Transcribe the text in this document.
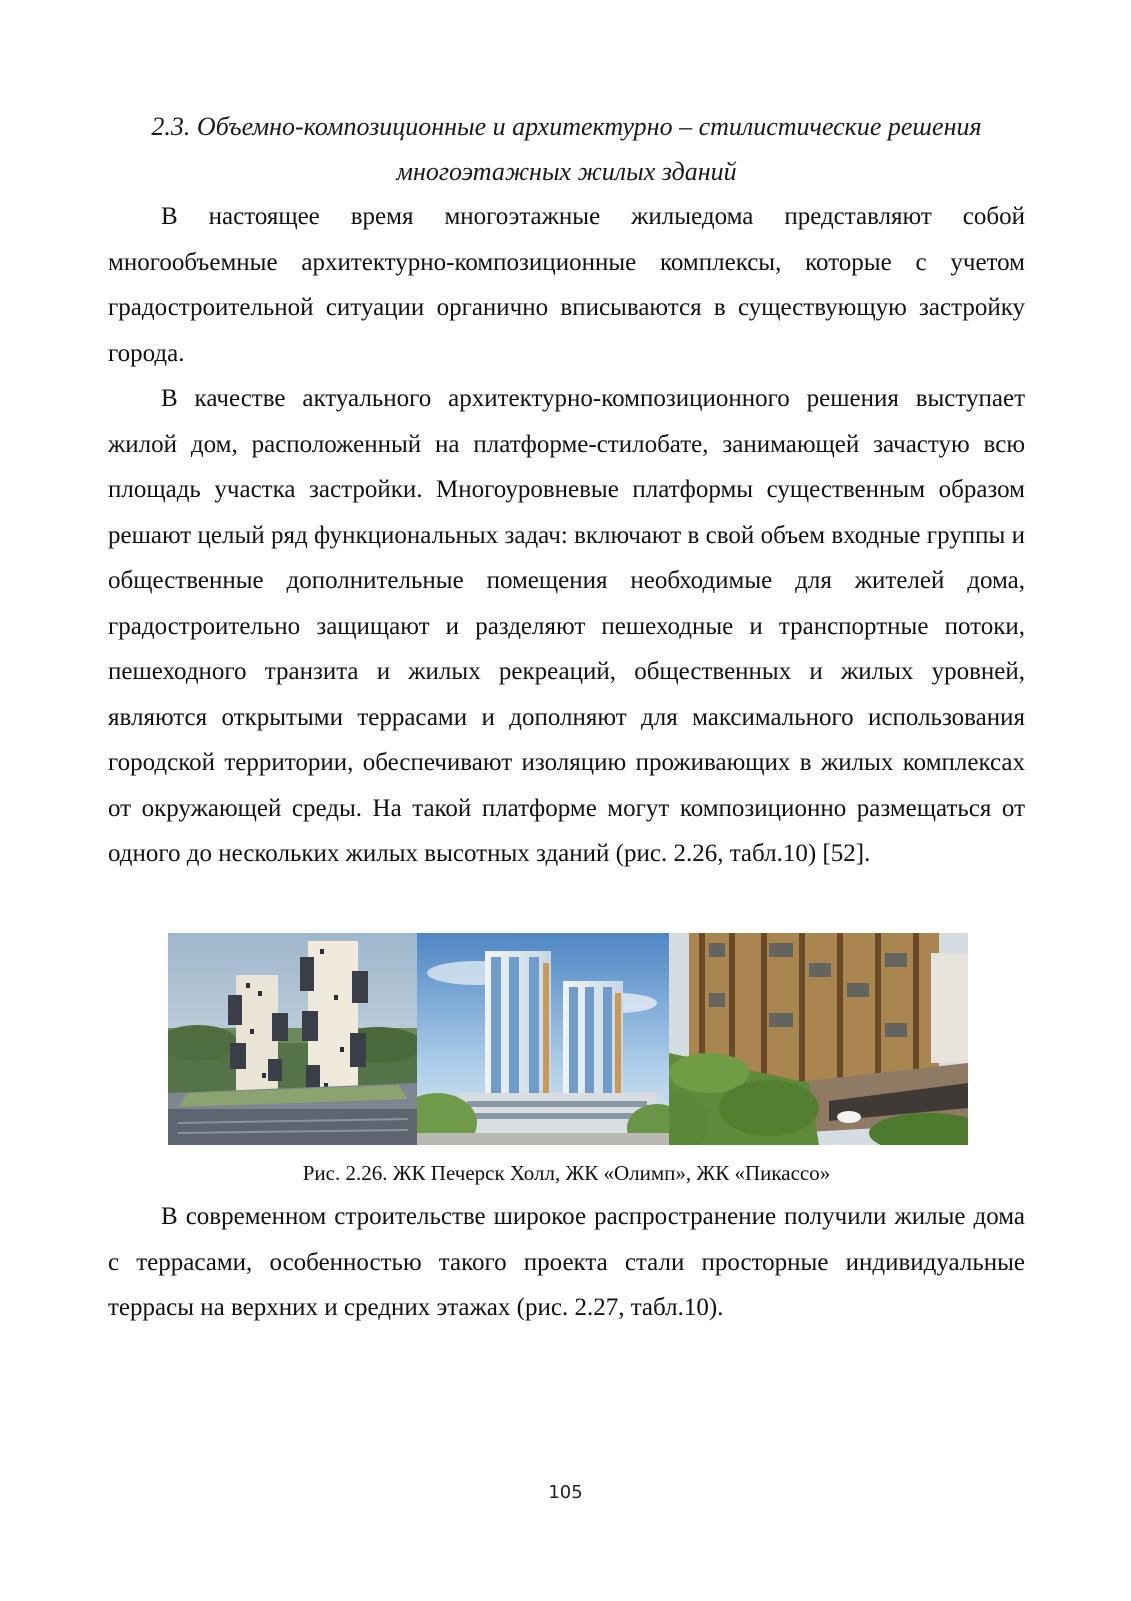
2.3. Объемно-композиционные и архитектурно – стилистические решения
многоэтажных жилых зданий

В настоящее время многоэтажные жилыедома представляют собой многообъемные архитектурно-композиционные комплексы, которые с учетом градостроительной ситуации органично вписываются в существующую застройку города.

В качестве актуального архитектурно-композиционного решения выступает жилой дом, расположенный на платформе-стилобате, занимающей зачастую всю площадь участка застройки. Многоуровневые платформы существенным образом решают целый ряд функциональных задач: включают в свой объем входные группы и общественные дополнительные помещения необходимые для жителей дома, градостроительно защищают и разделяют пешеходные и транспортные потоки, пешеходного транзита и жилых рекреаций, общественных и жилых уровней, являются открытыми террасами и дополняют для максимального использования городской территории, обеспечивают изоляцию проживающих в жилых комплексах от окружающей среды. На такой платформе могут композиционно размещаться от одного до нескольких жилых высотных зданий (рис. 2.26, табл.10) [52].

Рис. 2.26. ЖК Печерск Холл, ЖК «Олимп», ЖК «Пикассо»

В современном строительстве широкое распространение получили жилые дома с террасами, особенностью такого проекта стали просторные индивидуальные террасы на верхних и средних этажах (рис. 2.27, табл.10).

105
